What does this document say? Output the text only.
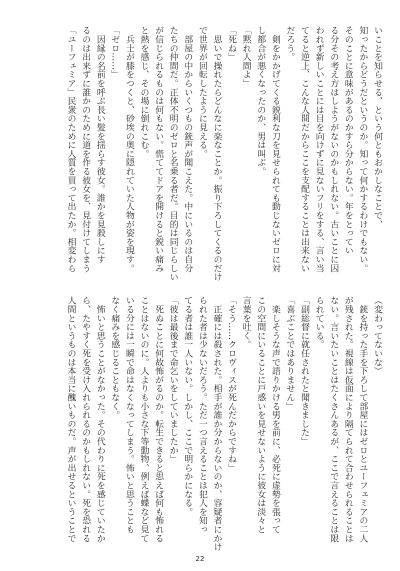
いことを知らせる、という何ともおかしなことで、
知ったからどうだというのか。知って何かするわけでもない。
そのことに意味があるのかすら分からない。年をとってい
る分その考え方はしようがないのかもしれない。古いことに囚
われず新しいことには目を向けずに見ないフリをする、言い当
てると逆上、こんな人間だからここを支配することは出来ない
だろう。
　剣をかかげてくる鋭利な刀を見せられても動じないゼロに対
し都合が悪くなったのか、男は叫ぶ。
「黙れ人間よ」
「死ね」
　思いで操れたらどんなに楽なことか。振り下ろしてくるのだけ
で世界が回転したように見える。
　部屋の中からいくつもの銃声が聞こえた。中にいるのは自分
たちの仲間だ。正体不明のゼロと名乗る者だ。目的は同じらしい
が信じられるものは何もない。慌ててドアを開けると鋭い痛み
と熱を感じ、その場に倒れこむ。
　兵士が膝をつくと、砂埃の奥に隠れていた人物が姿を現す。
「ゼロ……」
　因縁の名前を呼ぶ長い髪を揺らす彼女。誰かを見殺しにす
るのは出来ずに誰かのために道を作る彼女を、見付けてしまう
「ユーフェミア」民衆のために人質を買って出たか。相変わら
（変わってないな）
　銃を持った手を下ろして部屋にはゼロとユーフェミアの二人
が残された。視線は仮面により隔てられて合わせられることは
ない。言いたいことはたくさんあるが、ここで言えることは限
られている。
「副総督に就任されたと聞きました」
「喜ぶことではありません」
　楽しそうな声で語りかける男を前に、必死に虚勢を張って
この空間にいることに戸惑いを見せないように彼女は淡々と
言葉を吐く。
「そう……クロヴィスが死んだからですね」
　正確には殺された。相手が誰か分からないのか、容疑者にかけ
られた者は少ないだろう。ただ一つ言えることは犯人を知っ
てる者は誰一人いない。しかし、ここで明らかになる。
「彼は最後まで命乞いをしていましたか」
　死ぬことに何故怖がるのか。転生できると思えば何も怖れる
ことはないのに。人よりも小さな下等動物、例えば蝶など見て
いる分には一瞬で命はなくなってしまう。怖いと思うことも
なく痛みを感じることもなく。
　怖いと思うことがなかった。その代わりに死を感じていたか
ら、たやすく死を受け入れられるのかもしれない。死を恐れる
人間というものは本当に醜いものだ。声が出せるということで
22
